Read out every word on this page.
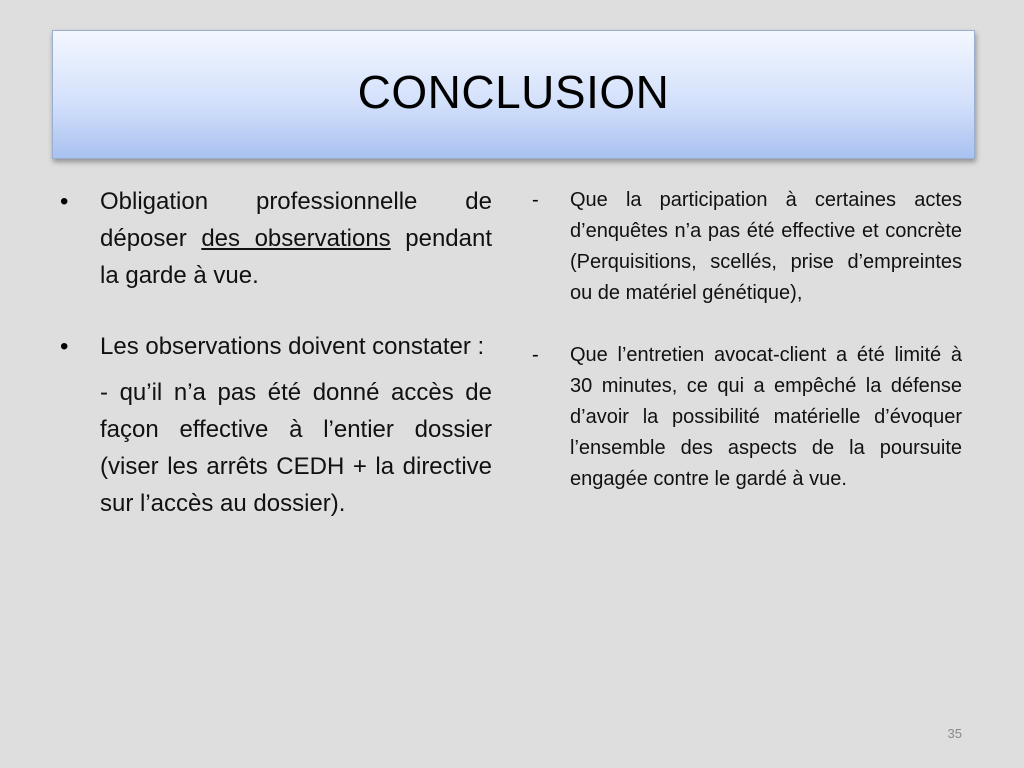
CONCLUSION
•	Obligation professionnelle de déposer des observations pendant la garde à vue.

•	Les observations doivent constater :

- qu’il n’a pas été donné accès de façon effective à l’entier dossier (viser les arrêts CEDH + la directive sur l’accès au dossier).

-	Que la participation à certaines actes d’enquêtes n’a pas été effective et concrète (Perquisitions, scellés, prise d’empreintes ou de matériel génétique),

-	Que l’entretien avocat-client a été limité à 30 minutes, ce qui a empêché la défense d’avoir la possibilité matérielle d’évoquer l’ensemble des aspects de la poursuite engagée contre le gardé à vue.

35
